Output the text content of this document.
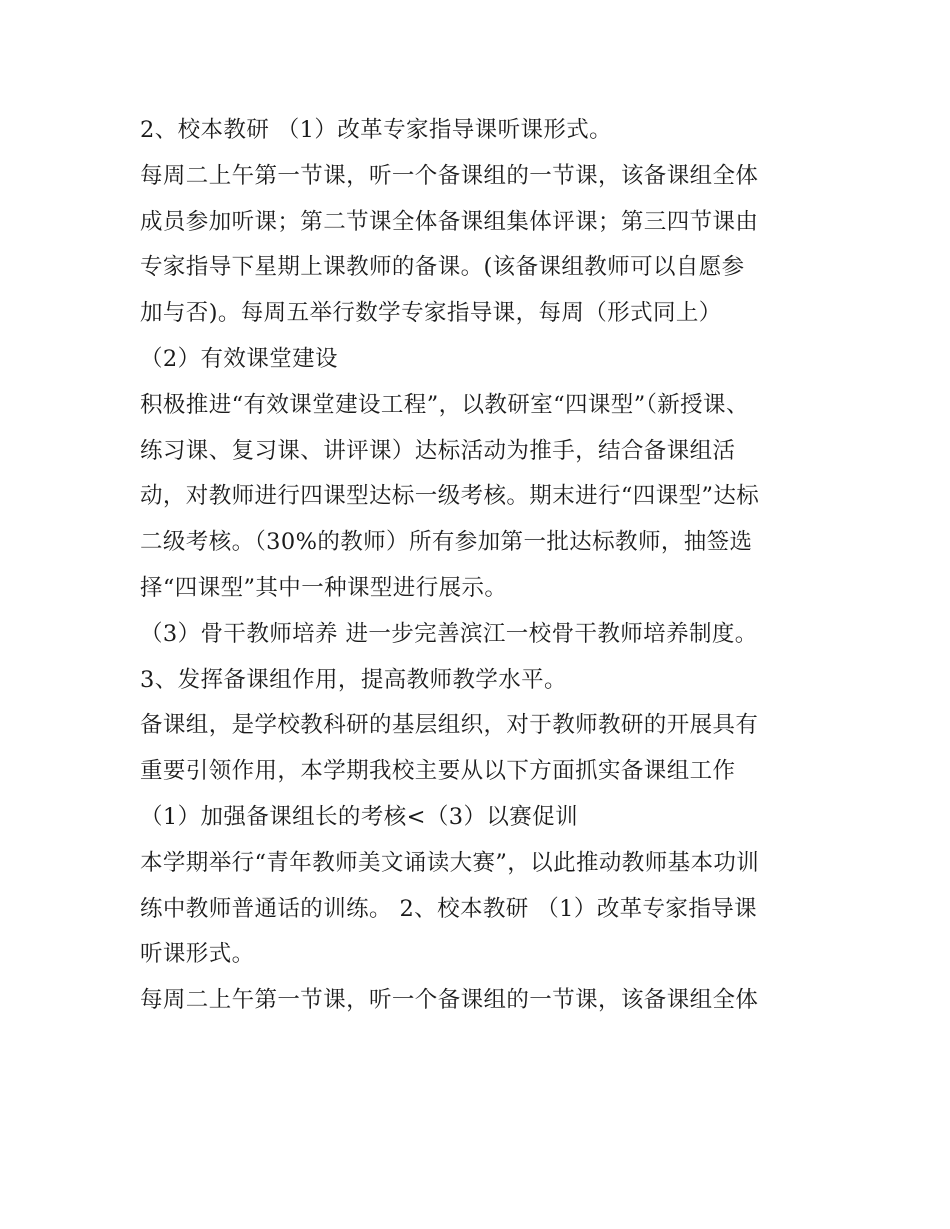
2、校本教研 （1）改革专家指导课听课形式。
每周二上午第一节课，听一个备课组的一节课，该备课组全体
成员参加听课；第二节课全体备课组集体评课；第三四节课由
专家指导下星期上课教师的备课。(该备课组教师可以自愿参
加与否)。每周五举行数学专家指导课，每周（形式同上）
（2）有效课堂建设
积极推进“有效课堂建设工程”，以教研室“四课型”（新授课、
练习课、复习课、讲评课）达标活动为推手，结合备课组活
动，对教师进行四课型达标一级考核。期末进行“四课型”达标
二级考核。（30%的教师）所有参加第一批达标教师，抽签选
择“四课型”其中一种课型进行展示。
（3）骨干教师培养 进一步完善滨江一校骨干教师培养制度。
3、发挥备课组作用，提高教师教学水平。
备课组，是学校教科研的基层组织，对于教师教研的开展具有
重要引领作用，本学期我校主要从以下方面抓实备课组工作
（1）加强备课组长的考核<（3）以赛促训
本学期举行“青年教师美文诵读大赛”，以此推动教师基本功训
练中教师普通话的训练。 2、校本教研 （1）改革专家指导课
听课形式。
每周二上午第一节课，听一个备课组的一节课，该备课组全体
